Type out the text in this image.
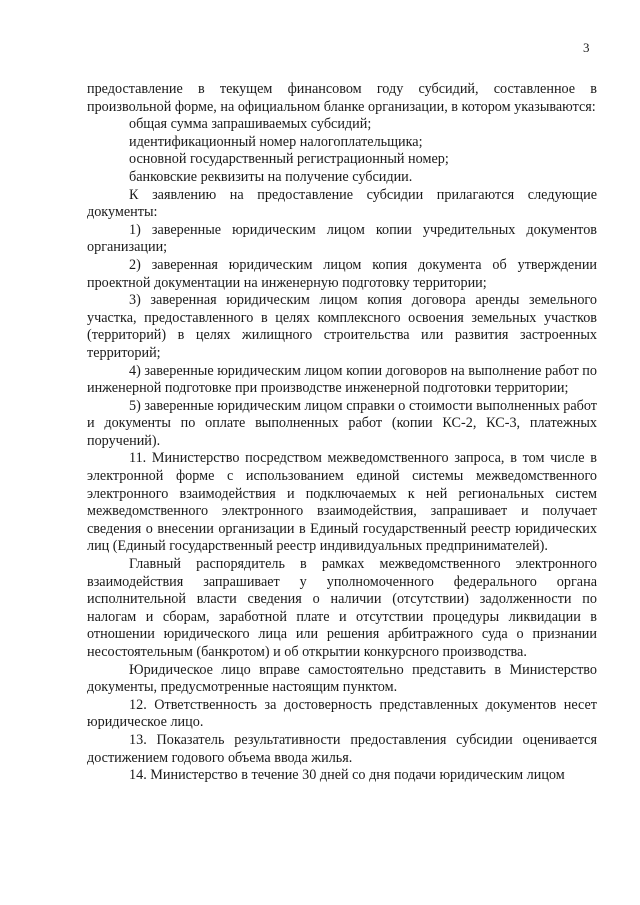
3

предоставление в текущем финансовом году субсидий, составленное в произвольной форме, на официальном бланке организации, в котором указываются:

общая сумма запрашиваемых субсидий;

идентификационный номер налогоплательщика;

основной государственный регистрационный номер;

банковские реквизиты на получение субсидии.

К заявлению на предоставление субсидии прилагаются следующие документы:

1) заверенные юридическим лицом копии учредительных документов организации;

2) заверенная юридическим лицом копия документа об утверждении проектной документации на инженерную подготовку территории;

3) заверенная юридическим лицом копия договора аренды земельного участка, предоставленного в целях комплексного освоения земельных участков (территорий) в целях жилищного строительства или развития застроенных территорий;

4) заверенные юридическим лицом копии договоров на выполнение работ по инженерной подготовке при производстве инженерной подготовки территории;

5) заверенные юридическим лицом справки о стоимости выполненных работ и документы по оплате выполненных работ (копии КС-2, КС-3, платежных поручений).

11. Министерство посредством межведомственного запроса, в том числе в электронной форме с использованием единой системы межведомственного электронного взаимодействия и подключаемых к ней региональных систем межведомственного электронного взаимодействия, запрашивает и получает сведения о внесении организации в Единый государственный реестр юридических лиц (Единый государственный реестр индивидуальных предпринимателей).

Главный распорядитель в рамках межведомственного электронного взаимодействия запрашивает у уполномоченного федерального органа исполнительной власти сведения о наличии (отсутствии) задолженности по налогам и сборам, заработной плате и отсутствии процедуры ликвидации в отношении юридического лица или решения арбитражного суда о признании несостоятельным (банкротом) и об открытии конкурсного производства.

Юридическое лицо вправе самостоятельно представить в Министерство документы, предусмотренные настоящим пунктом.

12. Ответственность за достоверность представленных документов несет юридическое лицо.

13. Показатель результативности предоставления субсидии оценивается достижением годового объема ввода жилья.

14. Министерство в течение 30 дней со дня подачи юридическим лицом
